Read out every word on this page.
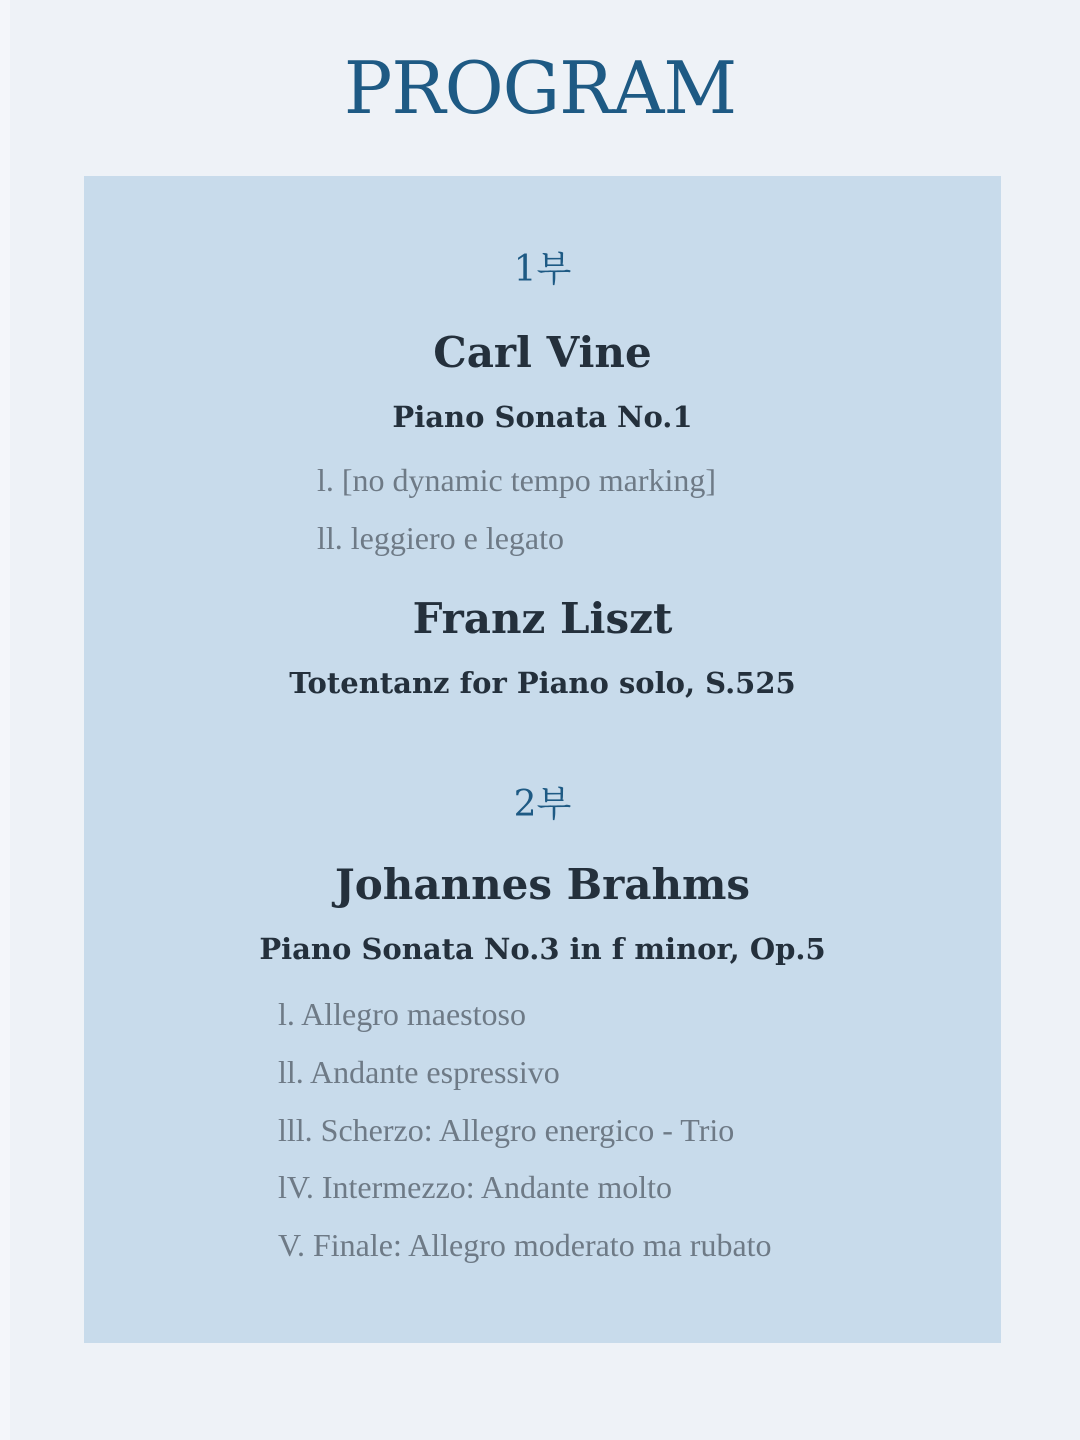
PROGRAM
1부
Carl Vine
Piano Sonata No.1
l. [no dynamic tempo marking]
ll. leggiero e legato
Franz Liszt
Totentanz for Piano solo, S.525
2부
Johannes Brahms
Piano Sonata No.3 in f minor, Op.5
l. Allegro maestoso
ll. Andante espressivo
lll. Scherzo: Allegro energico - Trio
lV. Intermezzo: Andante molto
V. Finale: Allegro moderato ma rubato
